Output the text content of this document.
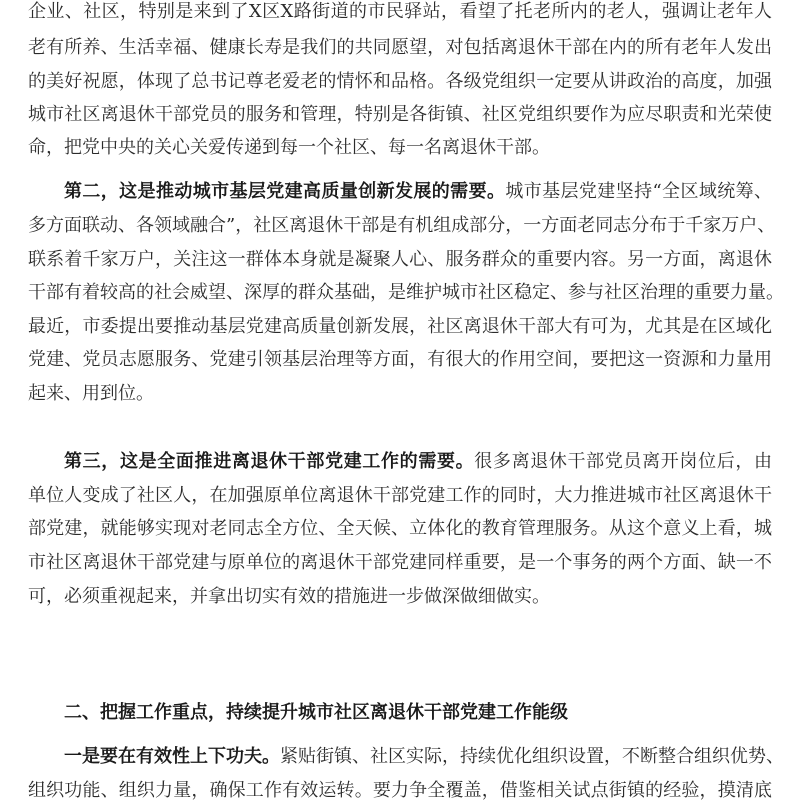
企业、社区，特别是来到了X区X路街道的市民驿站，看望了托老所内的老人，强调让老年人
老有所养、生活幸福、健康长寿是我们的共同愿望，对包括离退休干部在内的所有老年人发出
的美好祝愿，体现了总书记尊老爱老的情怀和品格。各级党组织一定要从讲政治的高度，加强
城市社区离退休干部党员的服务和管理，特别是各街镇、社区党组织要作为应尽职责和光荣使
命，把党中央的关心关爱传递到每一个社区、每一名离退休干部。
第二，这是推动城市基层党建高质量创新发展的需要。城市基层党建坚持“全区域统筹、
多方面联动、各领域融合”，社区离退休干部是有机组成部分，一方面老同志分布于千家万户、
联系着千家万户，关注这一群体本身就是凝聚人心、服务群众的重要内容。另一方面，离退休
干部有着较高的社会威望、深厚的群众基础，是维护城市社区稳定、参与社区治理的重要力量。
最近，市委提出要推动基层党建高质量创新发展，社区离退休干部大有可为，尤其是在区域化
党建、党员志愿服务、党建引领基层治理等方面，有很大的作用空间，要把这一资源和力量用
起来、用到位。
第三，这是全面推进离退休干部党建工作的需要。很多离退休干部党员离开岗位后，由
单位人变成了社区人，在加强原单位离退休干部党建工作的同时，大力推进城市社区离退休干
部党建，就能够实现对老同志全方位、全天候、立体化的教育管理服务。从这个意义上看，城
市社区离退休干部党建与原单位的离退休干部党建同样重要，是一个事务的两个方面、缺一不
可，必须重视起来，并拿出切实有效的措施进一步做深做细做实。
二、把握工作重点，持续提升城市社区离退休干部党建工作能级
一是要在有效性上下功夫。紧贴街镇、社区实际，持续优化组织设置，不断整合组织优势、
组织功能、组织力量，确保工作有效运转。要力争全覆盖，借鉴相关试点街镇的经验，摸清底
